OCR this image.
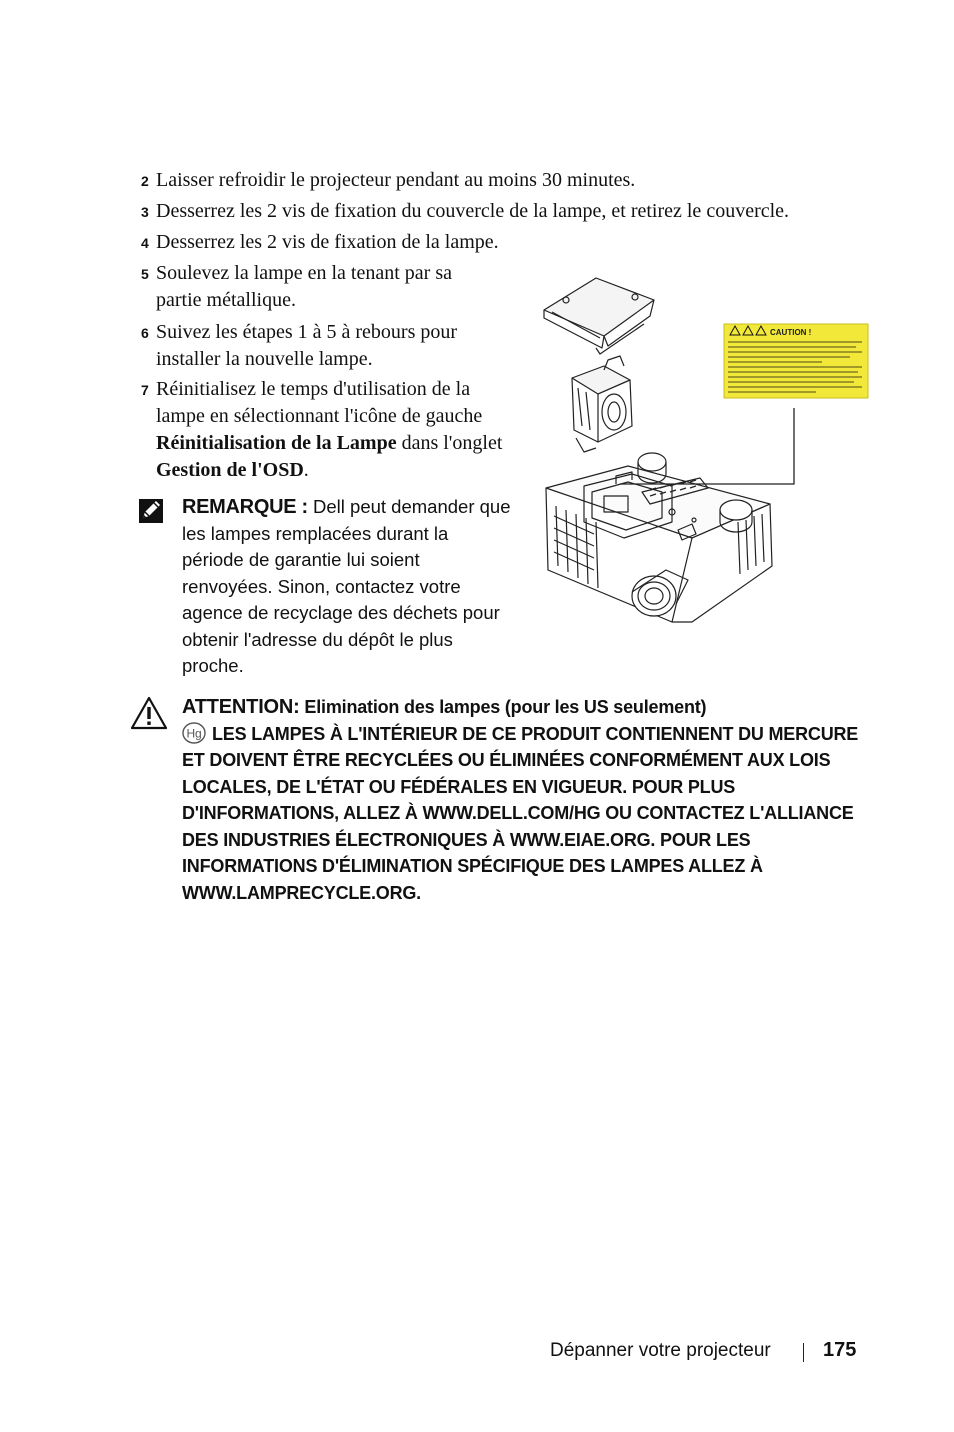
2 Laisser refroidir le projecteur pendant au moins 30 minutes.
3 Desserrez les 2 vis de fixation du couvercle de la lampe, et retirez le couvercle.
4 Desserrez les 2 vis de fixation de la lampe.
5 Soulevez la lampe en la tenant par sa
partie métallique.
6 Suivez les étapes 1 à 5 à rebours pour
installer la nouvelle lampe.
7 Réinitialisez le temps d'utilisation de la
lampe en sélectionnant l'icône de gauche
Réinitialisation de la Lampe dans l'onglet
Gestion de l'OSD.
REMARQUE : Dell peut demander que
les lampes remplacées durant la
période de garantie lui soient
renvoyées. Sinon, contactez votre
agence de recyclage des déchets pour
obtenir l'adresse du dépôt le plus
proche.
ATTENTION: Elimination des lampes (pour les US seulement)
Hg LES LAMPES À L'INTÉRIEUR DE CE PRODUIT CONTIENNENT DU MERCURE
ET DOIVENT ÊTRE RECYCLÉES OU ÉLIMINÉES CONFORMÉMENT AUX LOIS
LOCALES, DE L'ÉTAT OU FÉDÉRALES EN VIGUEUR. POUR PLUS
D'INFORMATIONS, ALLEZ À WWW.DELL.COM/HG OU CONTACTEZ L'ALLIANCE
DES INDUSTRIES ÉLECTRONIQUES À WWW.EIAE.ORG. POUR LES
INFORMATIONS D'ÉLIMINATION SPÉCIFIQUE DES LAMPES ALLEZ À
WWW.LAMPRECYCLE.ORG.
CAUTION !
Dépanner votre projecteur	175
